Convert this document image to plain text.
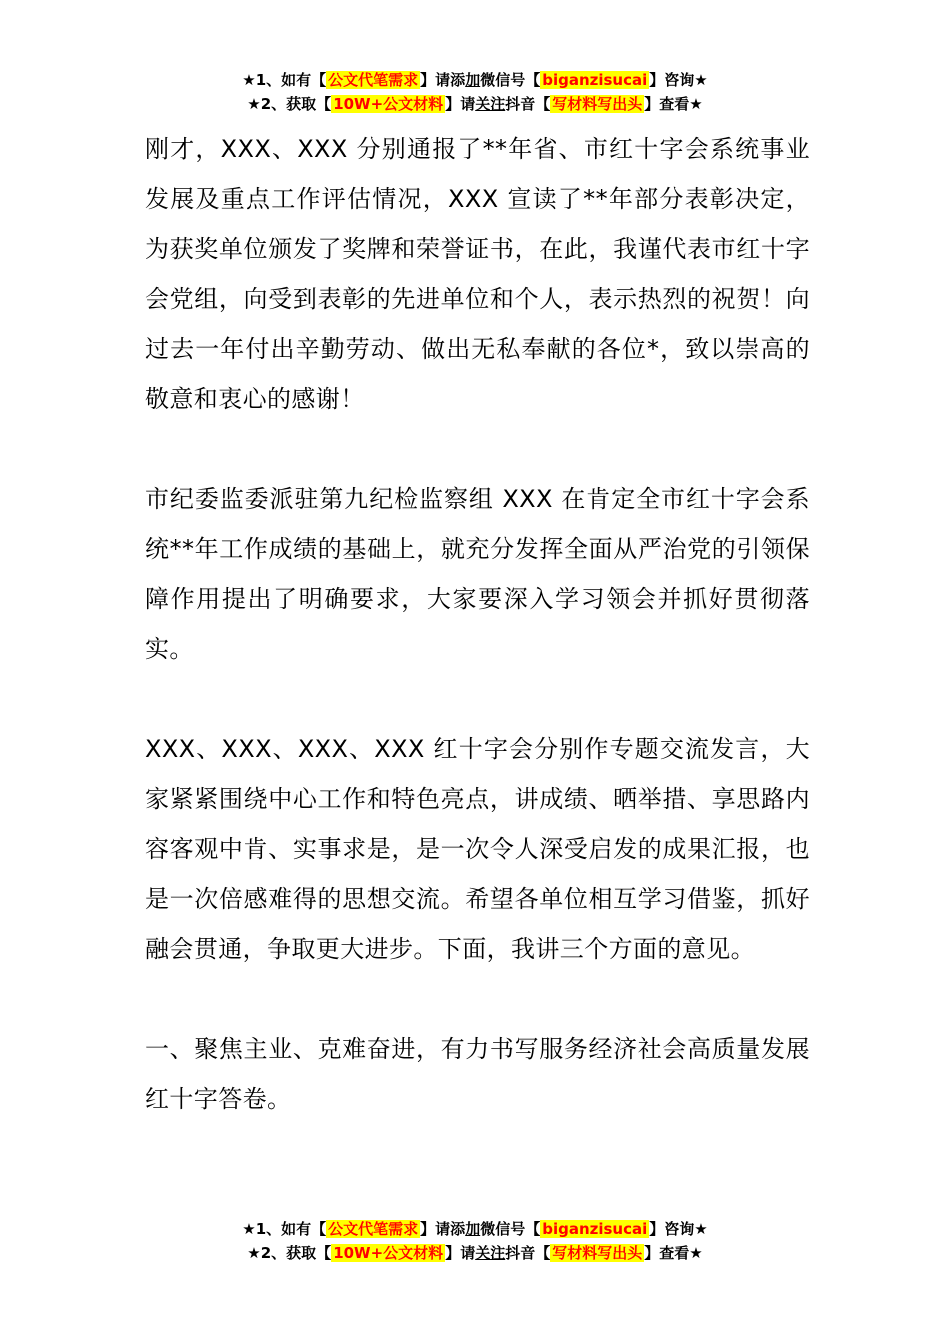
★1、如有【 公文代笔需求 】请添加微信号【 biganzisucai 】咨询★
★2、获取【 10W+公文材料 】请关注抖音【 写材料写出头 】查看★

刚才，XXX、XXX 分别通报了**年省、市红十字会系统事业发展及重点工作评估情况，XXX 宣读了**年部分表彰决定，为获奖单位颁发了奖牌和荣誉证书，在此，我谨代表市红十字会党组，向受到表彰的先进单位和个人，表示热烈的祝贺！向过去一年付出辛勤劳动、做出无私奉献的各位*，致以崇高的敬意和衷心的感谢！

市纪委监委派驻第九纪检监察组 XXX 在肯定全市红十字会系统**年工作成绩的基础上，就充分发挥全面从严治党的引领保障作用提出了明确要求，大家要深入学习领会并抓好贯彻落实。

XXX、XXX、XXX、XXX 红十字会分别作专题交流发言，大家紧紧围绕中心工作和特色亮点，讲成绩、晒举措、享思路内容客观中肯、实事求是，是一次令人深受启发的成果汇报，也是一次倍感难得的思想交流。希望各单位相互学习借鉴，抓好融会贯通，争取更大进步。下面，我讲三个方面的意见。

一、聚焦主业、克难奋进，有力书写服务经济社会高质量发展红十字答卷。

★1、如有【 公文代笔需求 】请添加微信号【 biganzisucai 】咨询★
★2、获取【 10W+公文材料 】请关注抖音【 写材料写出头 】查看★
